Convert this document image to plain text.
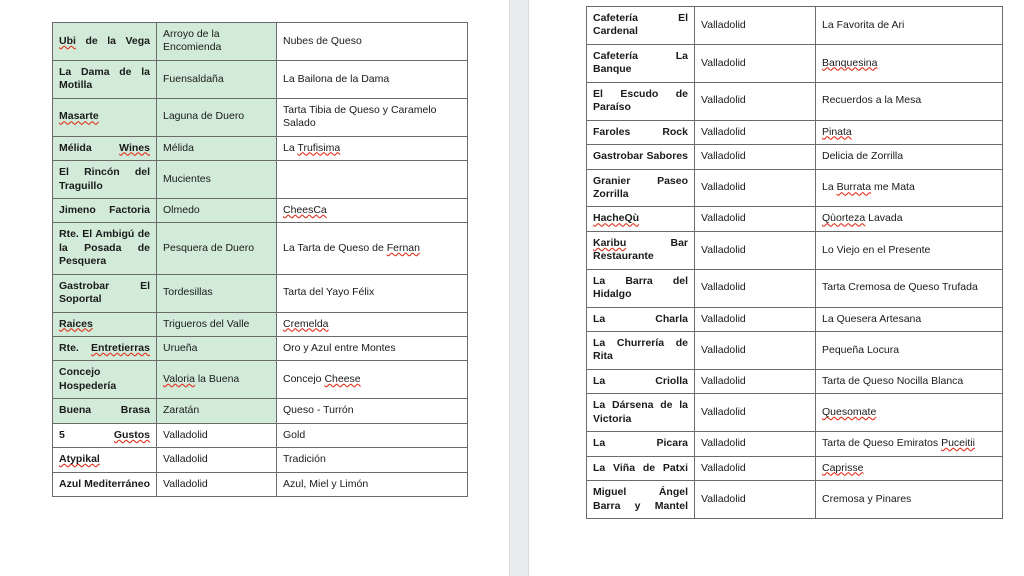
Ubi de la Vega	Arroyo de la Encomienda	Nubes de Queso
La Dama de la Motilla	Fuensaldaña	La Bailona de la Dama
Masarte	Laguna de Duero	Tarta Tibia de Queso y Caramelo Salado
Mélida Wines	Mélida	La Trufisima
El Rincón del Traguillo	Mucientes	
Jimeno Factoria	Olmedo	CheesCa
Rte. El Ambigú de la Posada de Pesquera	Pesquera de Duero	La Tarta de Queso de Fernan
Gastrobar El Soportal	Tordesillas	Tarta del Yayo Félix
Raices	Trigueros del Valle	Cremelda
Rte. Entretierras	Urueña	Oro y Azul entre Montes
Concejo Hospedería	Valoria la Buena	Concejo Cheese
Buena Brasa	Zaratán	Queso - Turrón
5 Gustos	Valladolid	Gold
Atypikal	Valladolid	Tradición
Azul Mediterráneo	Valladolid	Azul, Miel y Limón
Cafetería El Cardenal	Valladolid	La Favorita de Ari
Cafetería La Banque	Valladolid	Banquesina
El Escudo de Paraíso	Valladolid	Recuerdos a la Mesa
Faroles Rock	Valladolid	Pinata
Gastrobar Sabores	Valladolid	Delicia de Zorrilla
Granier Paseo Zorrilla	Valladolid	La Burrata me Mata
HacheQù	Valladolid	Qùorteza Lavada
Karibu Bar Restaurante	Valladolid	Lo Viejo en el Presente
La Barra del Hidalgo	Valladolid	Tarta Cremosa de Queso Trufada
La Charla	Valladolid	La Quesera Artesana
La Churrería de Rita	Valladolid	Pequeña Locura
La Criolla	Valladolid	Tarta de Queso Nocilla Blanca
La Dársena de la Victoria	Valladolid	Quesomate
La Picara	Valladolid	Tarta de Queso Emiratos Puceitii
La Viña de Patxi	Valladolid	Caprisse
Miguel Ángel Barra y Mantel	Valladolid	Cremosa y Pinares
